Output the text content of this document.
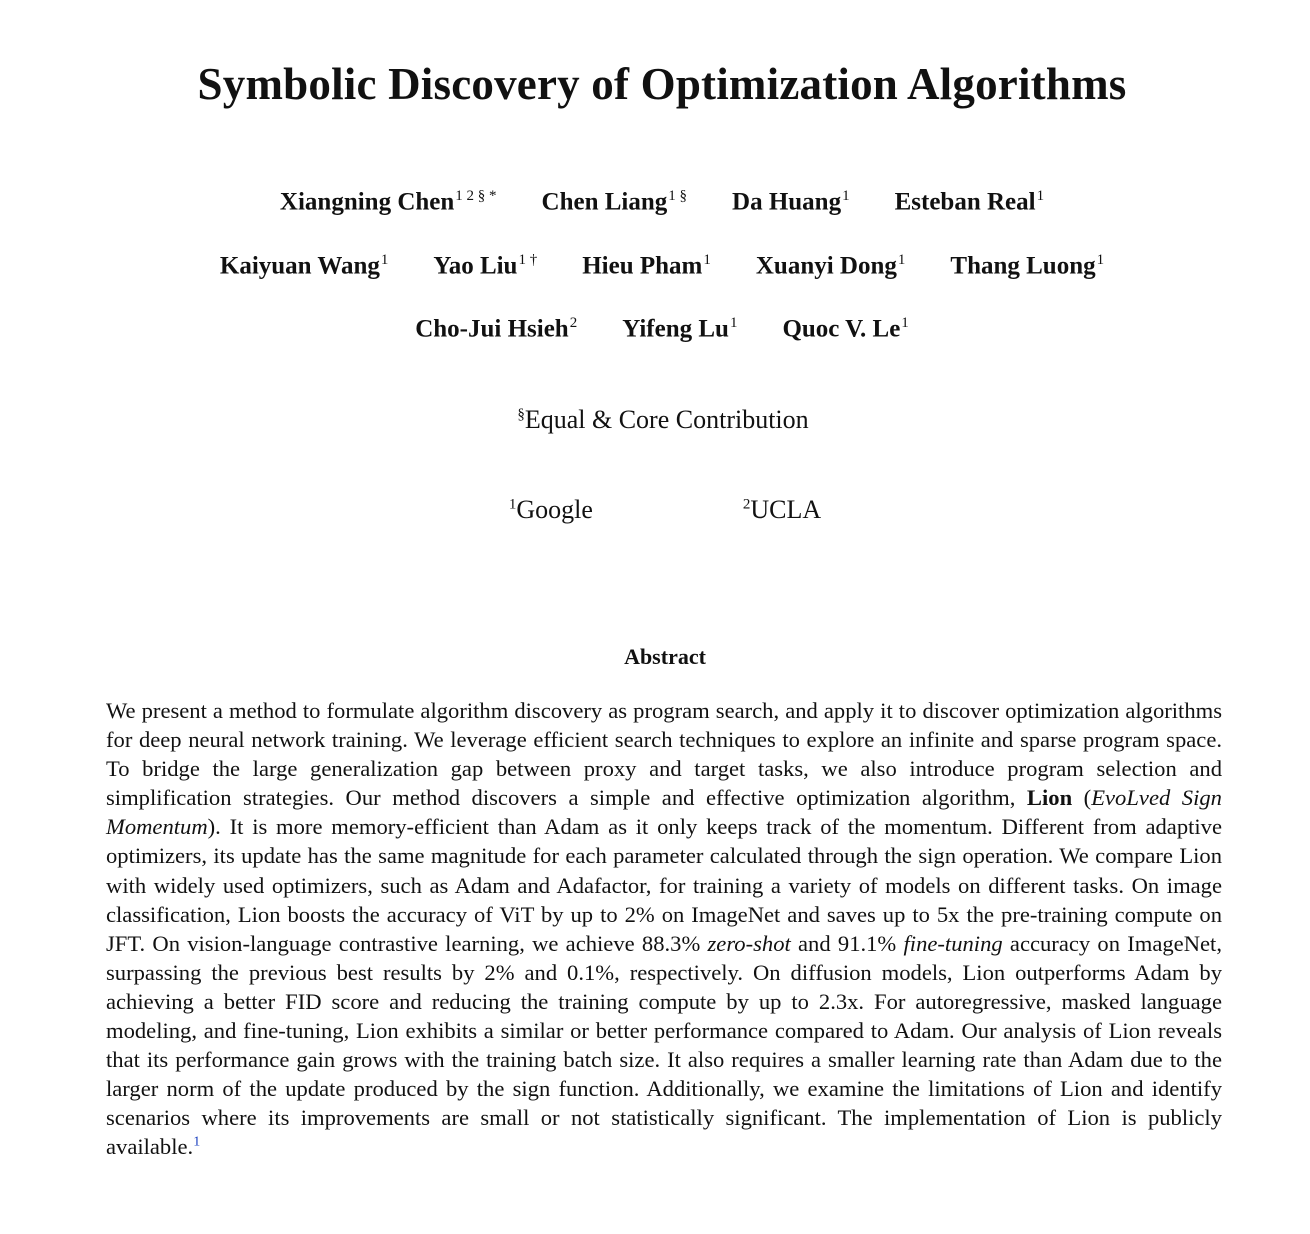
Symbolic Discovery of Optimization Algorithms
Xiangning Chen$^{1 2 \S *}$ Chen Liang$^{1 \S}$ Da Huang$^1$ Esteban Real$^1$
Kaiyuan Wang$^1$ Yao Liu$^{1 \dagger}$ Hieu Pham$^1$ Xuanyi Dong$^1$ Thang Luong$^1$
Cho-Jui Hsieh$^2$ Yifeng Lu$^1$ Quoc V. Le$^1$
§Equal & Core Contribution
$^1$Google	$^2$UCLA
Abstract

We present a method to formulate algorithm discovery as program search, and apply it to discover optimization algorithms for deep neural network training. We leverage efficient search techniques to explore an infinite and sparse program space. To bridge the large generalization gap between proxy and target tasks, we also introduce program selection and simplification strategies. Our method discovers a simple and effective optimization algorithm, Lion (EvoLved Sign Momentum). It is more memory-efficient than Adam as it only keeps track of the momentum. Different from adaptive optimizers, its update has the same magnitude for each parameter calculated through the sign operation. We compare Lion with widely used optimizers, such as Adam and Adafactor, for training a variety of models on different tasks. On image classification, Lion boosts the accuracy of ViT by up to 2% on ImageNet and saves up to 5x the pre-training compute on JFT. On vision-language contrastive learning, we achieve 88.3% zero-shot and 91.1% fine-tuning accuracy on ImageNet, surpassing the previous best results by 2% and 0.1%, respectively. On diffusion models, Lion outperforms Adam by achieving a better FID score and reducing the training compute by up to 2.3x. For autoregressive, masked language modeling, and fine-tuning, Lion exhibits a similar or better performance compared to Adam. Our analysis of Lion reveals that its performance gain grows with the training batch size. It also requires a smaller learning rate than Adam due to the larger norm of the update produced by the sign function. Additionally, we examine the limitations of Lion and identify scenarios where its improvements are small or not statistically significant. The implementation of Lion is publicly available.$^1$
